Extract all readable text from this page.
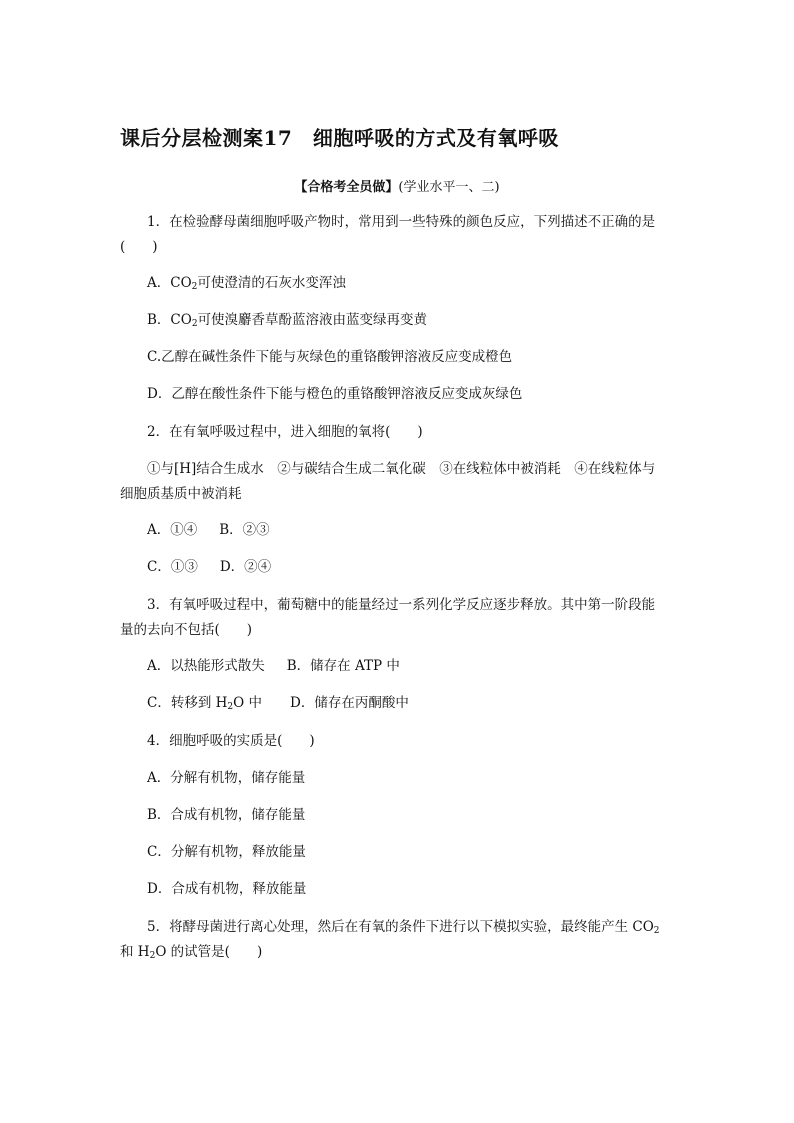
课后分层检测案17　细胞呼吸的方式及有氧呼吸
【合格考全员做】(学业水平一、二)
1．在检验酵母菌细胞呼吸产物时，常用到一些特殊的颜色反应，下列描述不正确的是
(　　)
A．$CO_2$可使澄清的石灰水变浑浊
B．$CO_2$可使溴麝香草酚蓝溶液由蓝变绿再变黄
C.乙醇在碱性条件下能与灰绿色的重铬酸钾溶液反应变成橙色
D．乙醇在酸性条件下能与橙色的重铬酸钾溶液反应变成灰绿色
2．在有氧呼吸过程中，进入细胞的氧将(　　)
①与[H]结合生成水　②与碳结合生成二氧化碳　③在线粒体中被消耗　④在线粒体与
细胞质基质中被消耗
A．①④ B．②③
C．①③ D．②④
3．有氧呼吸过程中，葡萄糖中的能量经过一系列化学反应逐步释放。其中第一阶段能
量的去向不包括(　　)
A．以热能形式散失 B．储存在 ATP 中
C．转移到 $H_2O$ 中 D．储存在丙酮酸中
4．细胞呼吸的实质是(　　)
A．分解有机物，储存能量
B．合成有机物，储存能量
C．分解有机物，释放能量
D．合成有机物，释放能量
5．将酵母菌进行离心处理，然后在有氧的条件下进行以下模拟实验，最终能产生 $CO_2$
和 $H_2O$ 的试管是(　　)
